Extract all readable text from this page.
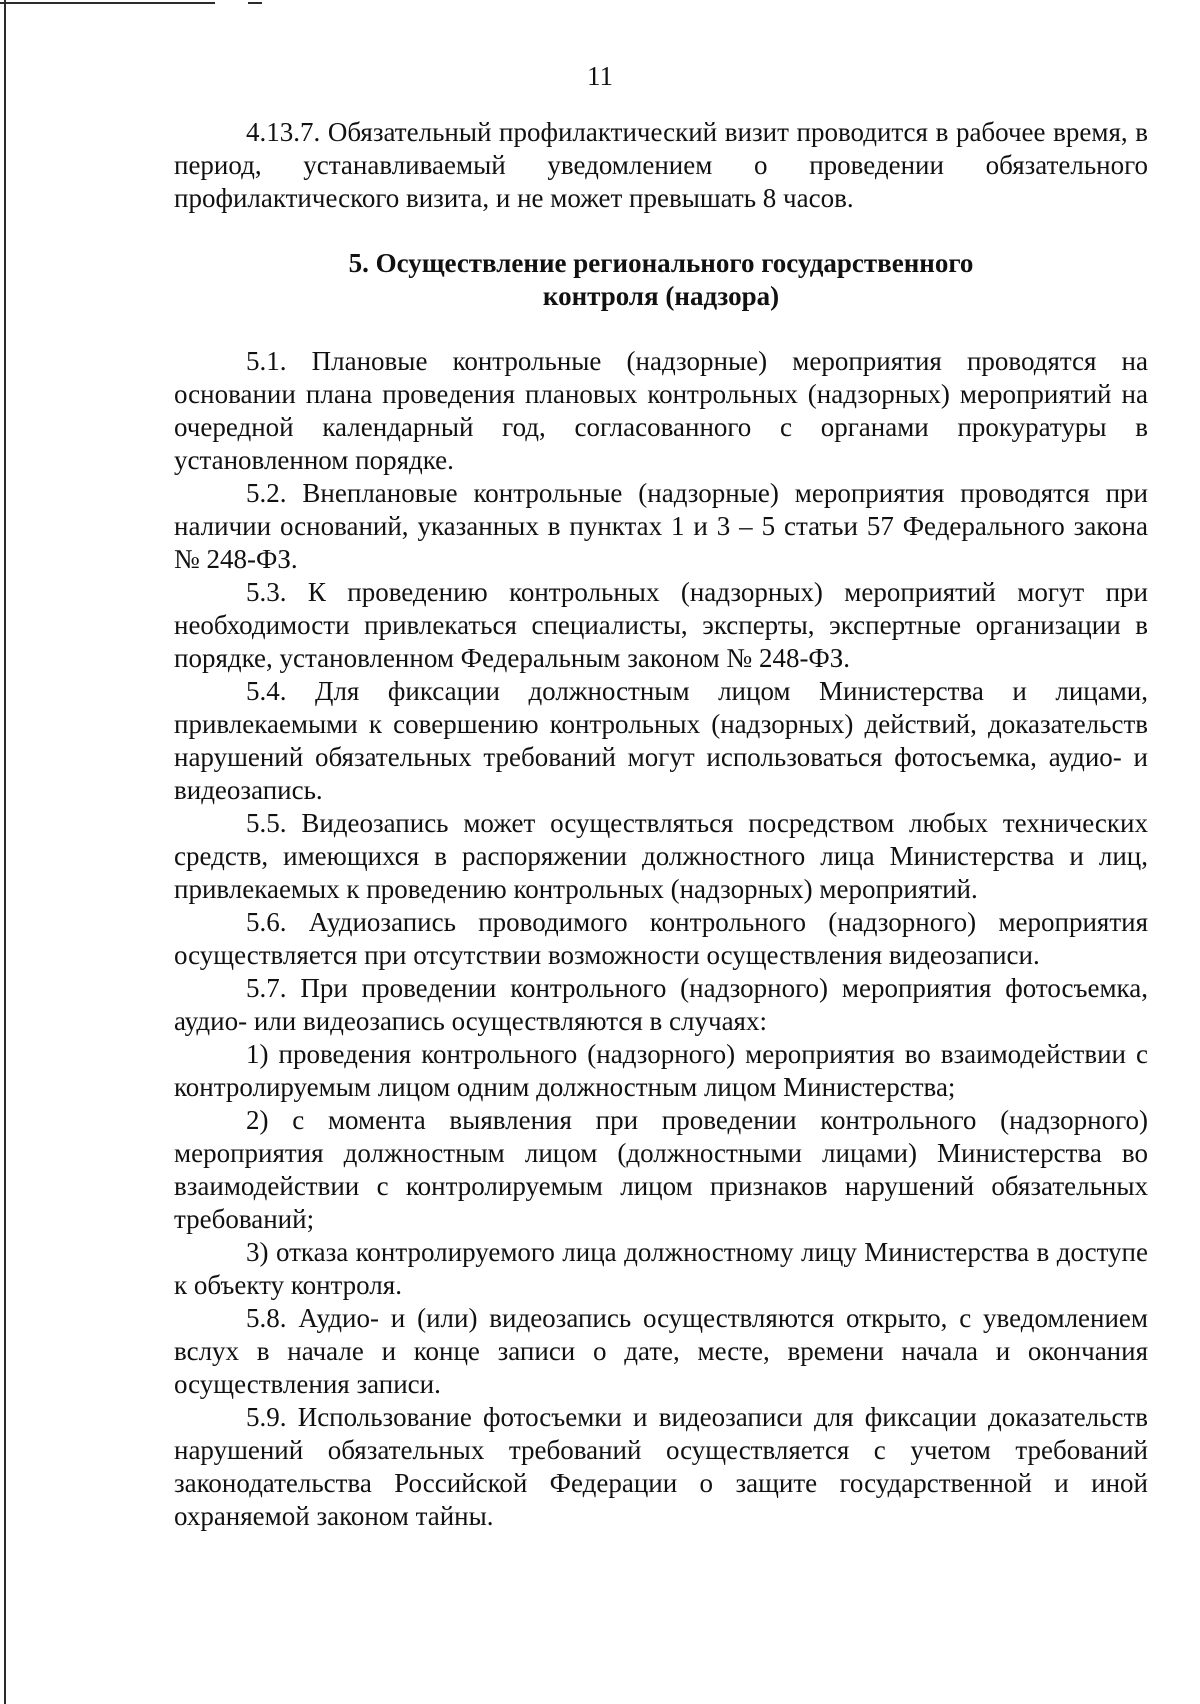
11

4.13.7. Обязательный профилактический визит проводится в рабочее время, в период, устанавливаемый уведомлением о проведении обязательного профилактического визита, и не может превышать 8 часов.

5. Осуществление регионального государственного
контроля (надзора)

5.1. Плановые контрольные (надзорные) мероприятия проводятся на основании плана проведения плановых контрольных (надзорных) мероприятий на очередной календарный год, согласованного с органами прокуратуры в установленном порядке.

5.2. Внеплановые контрольные (надзорные) мероприятия проводятся при наличии оснований, указанных в пунктах 1 и 3 – 5 статьи 57 Федерального закона № 248-ФЗ.

5.3. К проведению контрольных (надзорных) мероприятий могут при необходимости привлекаться специалисты, эксперты, экспертные организации в порядке, установленном Федеральным законом № 248-ФЗ.

5.4. Для фиксации должностным лицом Министерства и лицами, привлекаемыми к совершению контрольных (надзорных) действий, доказательств нарушений обязательных требований могут использоваться фотосъемка, аудио- и видеозапись.

5.5. Видеозапись может осуществляться посредством любых технических средств, имеющихся в распоряжении должностного лица Министерства и лиц, привлекаемых к проведению контрольных (надзорных) мероприятий.

5.6. Аудиозапись проводимого контрольного (надзорного) мероприятия осуществляется при отсутствии возможности осуществления видеозаписи.

5.7. При проведении контрольного (надзорного) мероприятия фотосъемка, аудио- или видеозапись осуществляются в случаях:

1) проведения контрольного (надзорного) мероприятия во взаимодействии с контролируемым лицом одним должностным лицом Министерства;

2) с момента выявления при проведении контрольного (надзорного) мероприятия должностным лицом (должностными лицами) Министерства во взаимодействии с контролируемым лицом признаков нарушений обязательных требований;

3) отказа контролируемого лица должностному лицу Министерства в доступе к объекту контроля.

5.8. Аудио- и (или) видеозапись осуществляются открыто, с уведомлением вслух в начале и конце записи о дате, месте, времени начала и окончания осуществления записи.

5.9. Использование фотосъемки и видеозаписи для фиксации доказательств нарушений обязательных требований осуществляется с учетом требований законодательства Российской Федерации о защите государственной и иной охраняемой законом тайны.
